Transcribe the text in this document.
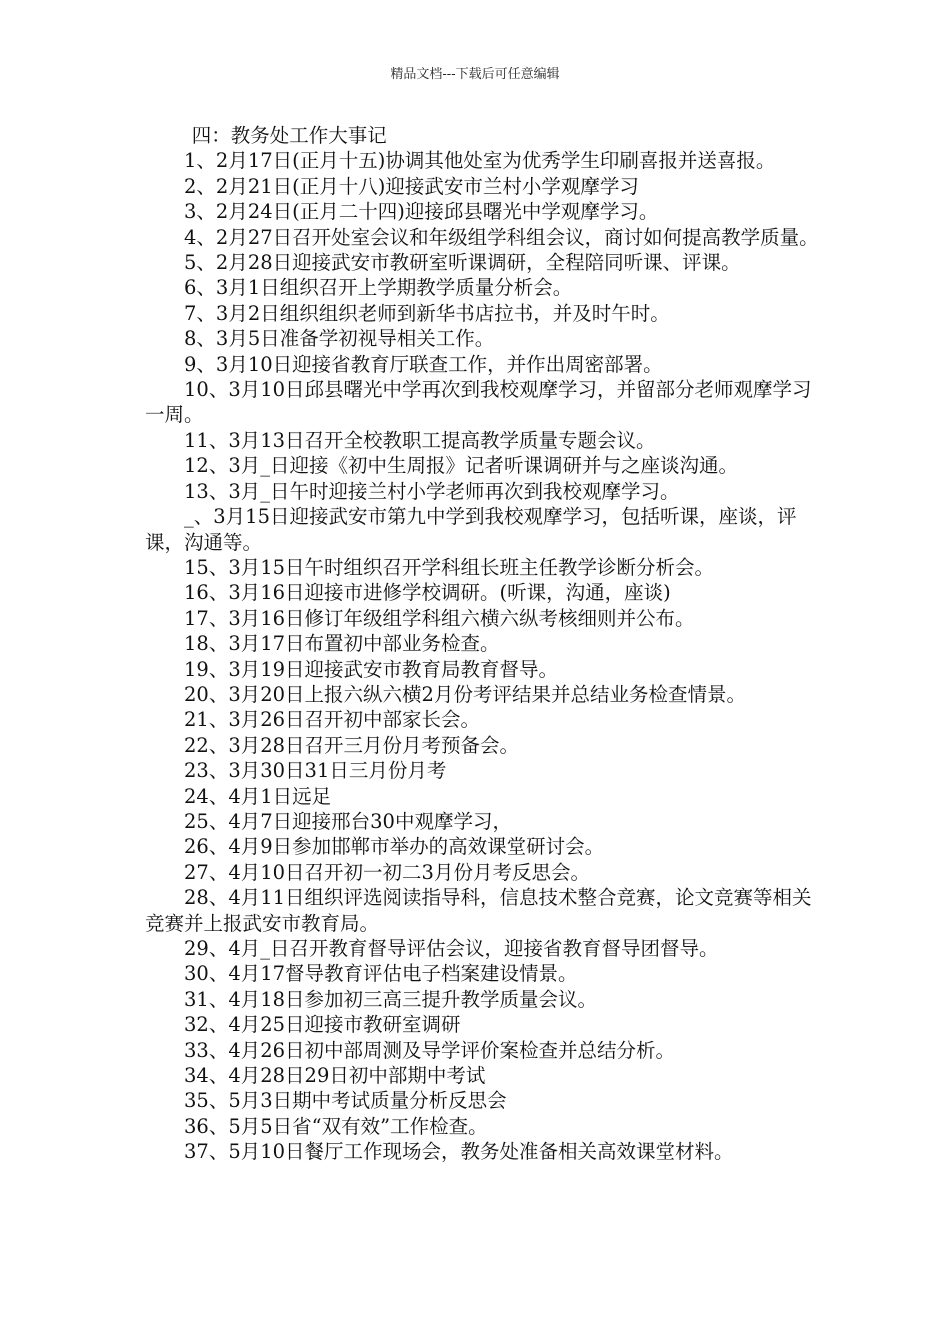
精品文档---下载后可任意编辑

四：教务处工作大事记

1、2月17日(正月十五)协调其他处室为优秀学生印刷喜报并送喜报。

2、2月21日(正月十八)迎接武安市兰村小学观摩学习

3、2月24日(正月二十四)迎接邱县曙光中学观摩学习。

4、2月27日召开处室会议和年级组学科组会议，商讨如何提高教学质量。

5、2月28日迎接武安市教研室听课调研，全程陪同听课、评课。

6、3月1日组织召开上学期教学质量分析会。

7、3月2日组织组织老师到新华书店拉书，并及时午时。

8、3月5日准备学初视导相关工作。

9、3月10日迎接省教育厅联查工作，并作出周密部署。

10、3月10日邱县曙光中学再次到我校观摩学习，并留部分老师观摩学习一周。

11、3月13日召开全校教职工提高教学质量专题会议。

12、3月_日迎接《初中生周报》记者听课调研并与之座谈沟通。

13、3月_日午时迎接兰村小学老师再次到我校观摩学习。

_、3月15日迎接武安市第九中学到我校观摩学习，包括听课，座谈，评课，沟通等。

15、3月15日午时组织召开学科组长班主任教学诊断分析会。

16、3月16日迎接市进修学校调研。(听课，沟通，座谈)

17、3月16日修订年级组学科组六横六纵考核细则并公布。

18、3月17日布置初中部业务检查。

19、3月19日迎接武安市教育局教育督导。

20、3月20日上报六纵六横2月份考评结果并总结业务检查情景。

21、3月26日召开初中部家长会。

22、3月28日召开三月份月考预备会。

23、3月30日31日三月份月考

24、4月1日远足

25、4月7日迎接邢台30中观摩学习，

26、4月9日参加邯郸市举办的高效课堂研讨会。

27、4月10日召开初一初二3月份月考反思会。

28、4月11日组织评选阅读指导科，信息技术整合竞赛，论文竞赛等相关竞赛并上报武安市教育局。

29、4月_日召开教育督导评估会议，迎接省教育督导团督导。

30、4月17督导教育评估电子档案建设情景。

31、4月18日参加初三高三提升教学质量会议。

32、4月25日迎接市教研室调研

33、4月26日初中部周测及导学评价案检查并总结分析。

34、4月28日29日初中部期中考试

35、5月3日期中考试质量分析反思会

36、5月5日省“双有效”工作检查。

37、5月10日餐厅工作现场会，教务处准备相关高效课堂材料。
